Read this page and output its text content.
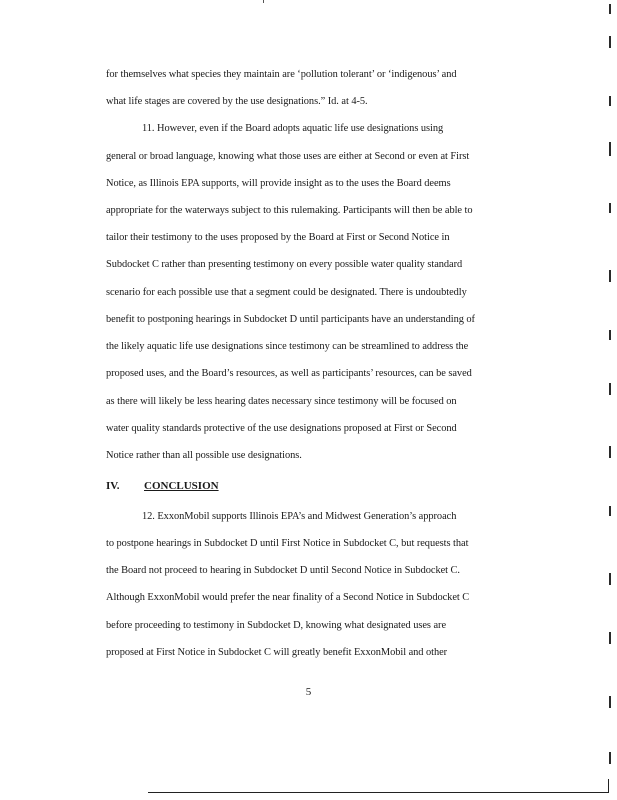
for themselves what species they maintain are ‘pollution tolerant’ or ‘indigenous’ and
what life stages are covered by the use designations.” Id. at 4-5.
11. However, even if the Board adopts aquatic life use designations using
general or broad language, knowing what those uses are either at Second or even at First
Notice, as Illinois EPA supports, will provide insight as to the uses the Board deems
appropriate for the waterways subject to this rulemaking. Participants will then be able to
tailor their testimony to the uses proposed by the Board at First or Second Notice in
Subdocket C rather than presenting testimony on every possible water quality standard
scenario for each possible use that a segment could be designated. There is undoubtedly
benefit to postponing hearings in Subdocket D until participants have an understanding of
the likely aquatic life use designations since testimony can be streamlined to address the
proposed uses, and the Board’s resources, as well as participants’ resources, can be saved
as there will likely be less hearing dates necessary since testimony will be focused on
water quality standards protective of the use designations proposed at First or Second
Notice rather than all possible use designations.
IV. CONCLUSION
12. ExxonMobil supports Illinois EPA’s and Midwest Generation’s approach
to postpone hearings in Subdocket D until First Notice in Subdocket C, but requests that
the Board not proceed to hearing in Subdocket D until Second Notice in Subdocket C.
Although ExxonMobil would prefer the near finality of a Second Notice in Subdocket C
before proceeding to testimony in Subdocket D, knowing what designated uses are
proposed at First Notice in Subdocket C will greatly benefit ExxonMobil and other
5
